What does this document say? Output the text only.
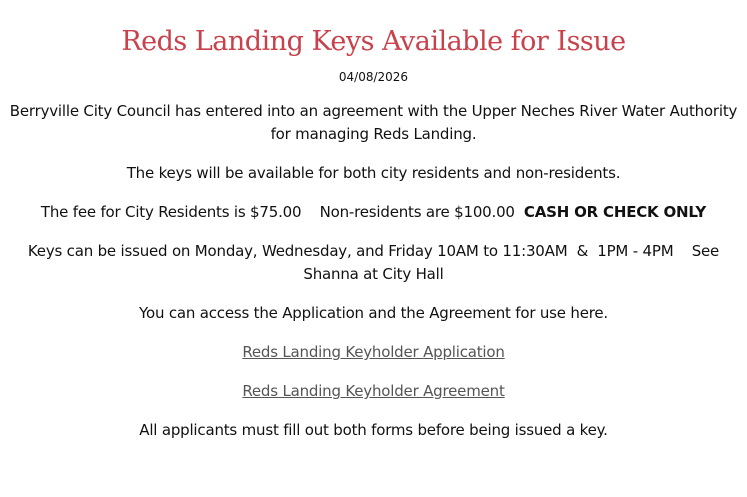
Reds Landing Keys Available for Issue
04/08/2026

Berryville City Council has entered into an agreement with the Upper Neches River Water Authority for managing Reds Landing.

The keys will be available for both city residents and non-residents.

The fee for City Residents is $75.00 Non-residents are $100.00 CASH OR CHECK ONLY

Keys can be issued on Monday, Wednesday, and Friday 10AM to 11:30AM  &  1PM - 4PM    See Shanna at City Hall

You can access the Application and the Agreement for use here.

Reds Landing Keyholder Application

Reds Landing Keyholder Agreement

All applicants must fill out both forms before being issued a key.
